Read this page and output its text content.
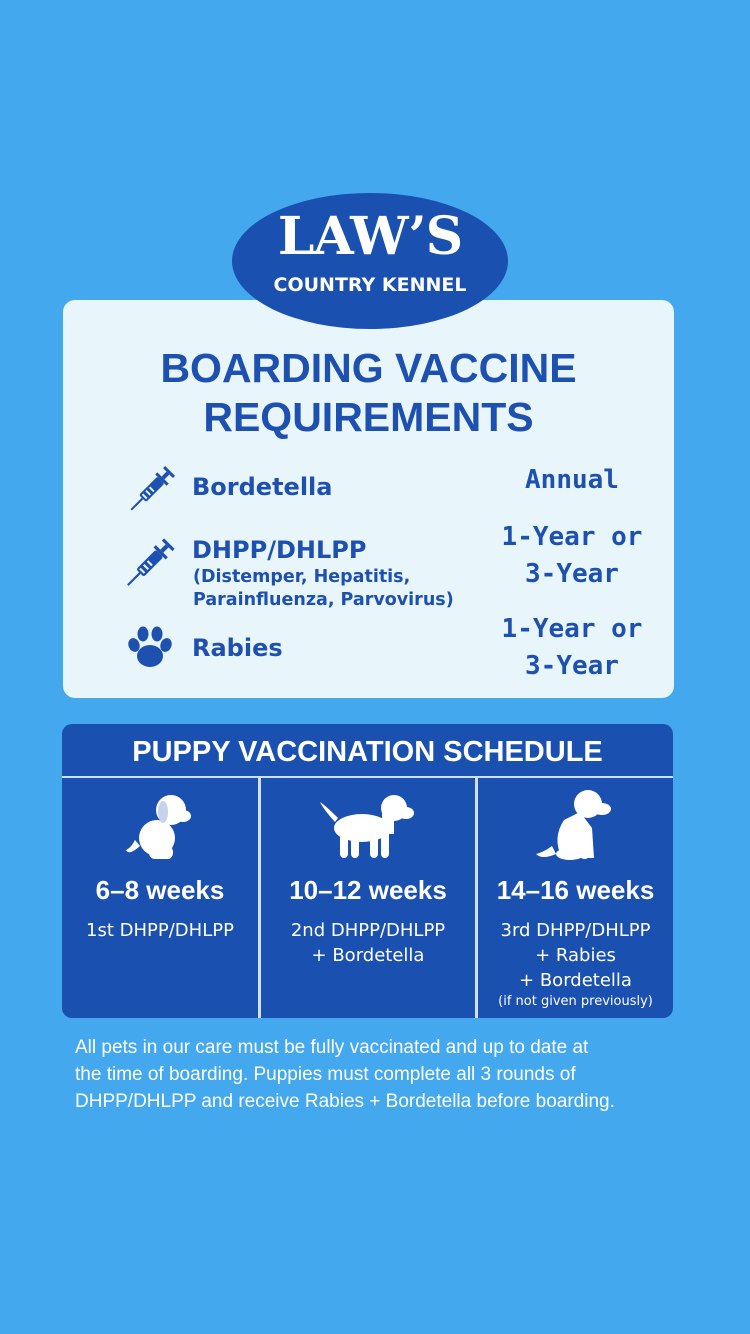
LAW’S
COUNTRY KENNEL
BOARDING VACCINE
REQUIREMENTS
Bordetella	Annual
DHPP/DHLPP
(Distemper, Hepatitis,
Parainfluenza, Parvovirus)
1-Year or
3-Year
Rabies
1-Year or
3-Year
PUPPY VACCINATION SCHEDULE
6–8 weeks
1st DHPP/DHLPP
10–12 weeks
2nd DHPP/DHLPP
+ Bordetella
14–16 weeks
3rd DHPP/DHLPP
+ Rabies
+ Bordetella
(if not given previously)
All pets in our care must be fully vaccinated and up to date at
the time of boarding. Puppies must complete all 3 rounds of
DHPP/DHLPP and receive Rabies + Bordetella before boarding.
